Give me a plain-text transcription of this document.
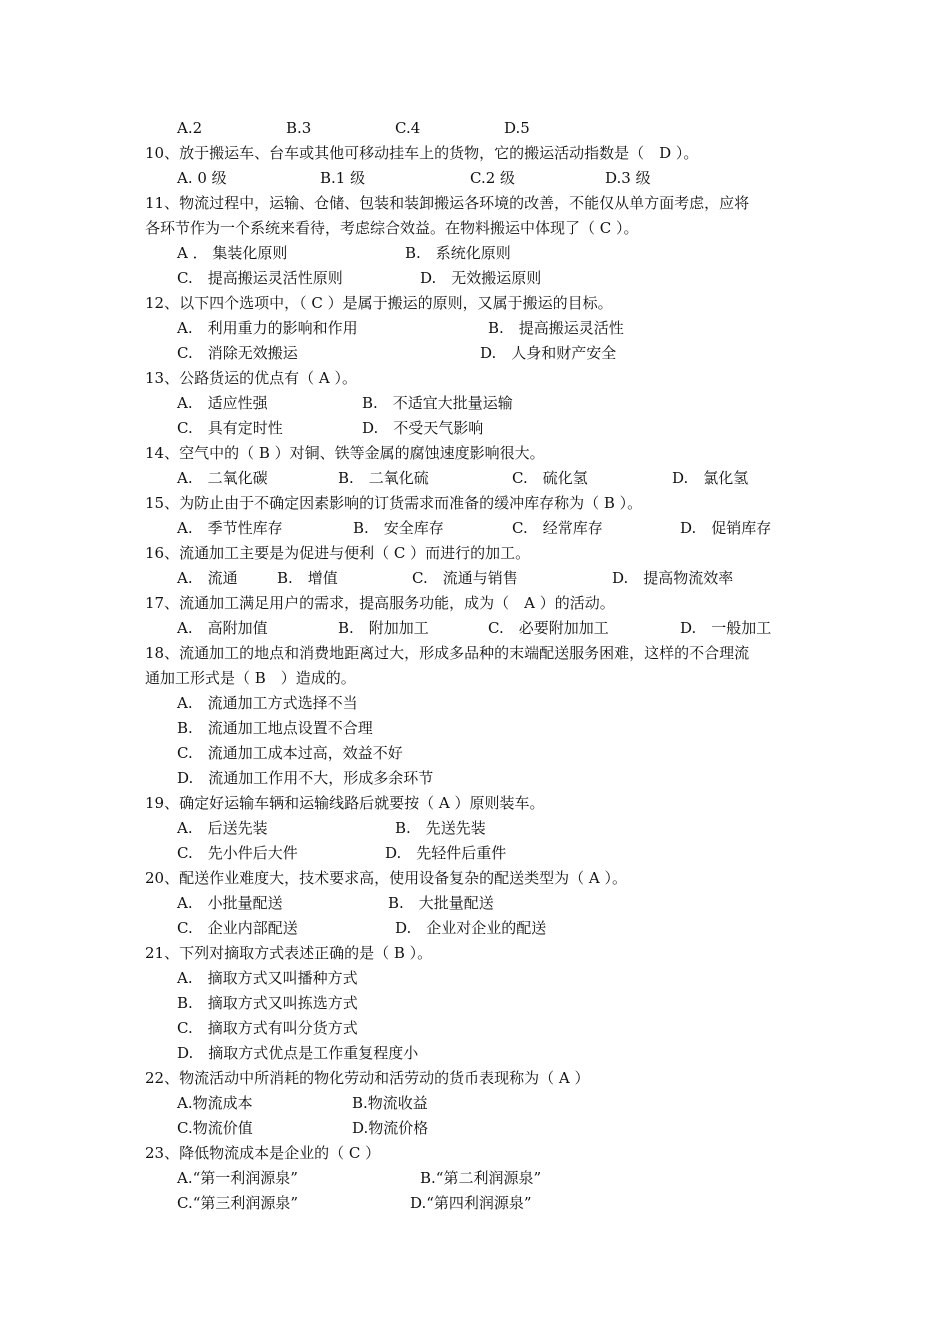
A.2	B.3	C.4	D.5
10、放于搬运车、台车或其他可移动挂车上的货物，它的搬运活动指数是（　D ）。
A. 0 级	B.1 级	C.2 级	D.3 级
11、物流过程中，运输、仓储、包装和装卸搬运各环境的改善，不能仅从单方面考虑，应将
各环节作为一个系统来看待，考虑综合效益。在物料搬运中体现了（ C ）。
A ． 集装化原则	B.　系统化原则
C.　提高搬运灵活性原则	D.　无效搬运原则
12、以下四个选项中，（ C ）是属于搬运的原则，又属于搬运的目标。
A.　利用重力的影响和作用	B.　提高搬运灵活性
C.　消除无效搬运	D.　人身和财产安全
13、公路货运的优点有（ A ）。
A.　适应性强	B.　不适宜大批量运输
C.　具有定时性	D.　不受天气影响
14、空气中的（ B ）对铜、铁等金属的腐蚀速度影响很大。
A.　二氧化碳	B.　二氧化硫	C.　硫化氢	D.　氯化氢
15、为防止由于不确定因素影响的订货需求而准备的缓冲库存称为（ B ）。
A.　季节性库存	B.　安全库存	C.　经常库存	D.　促销库存
16、流通加工主要是为促进与便利（ C ）而进行的加工。
A.　流通	B.　增值	C.　流通与销售	D.　提高物流效率
17、流通加工满足用户的需求，提高服务功能，成为（　A ）的活动。
A.　高附加值	B.　附加加工	C.　必要附加加工	D.　一般加工
18、流通加工的地点和消费地距离过大，形成多品种的末端配送服务困难，这样的不合理流
通加工形式是（ B　）造成的。
A.　流通加工方式选择不当
B.　流通加工地点设置不合理
C.　流通加工成本过高，效益不好
D.　流通加工作用不大，形成多余环节
19、确定好运输车辆和运输线路后就要按（ A ）原则装车。
A.　后送先装	B.　先送先装
C.　先小件后大件	D.　先轻件后重件
20、配送作业难度大，技术要求高，使用设备复杂的配送类型为（ A ）。
A.　小批量配送	B.　大批量配送
C.　企业内部配送	D.　企业对企业的配送
21、下列对摘取方式表述正确的是（ B ）。
A.　摘取方式又叫播种方式
B.　摘取方式又叫拣选方式
C.　摘取方式有叫分货方式
D.　摘取方式优点是工作重复程度小
22、物流活动中所消耗的物化劳动和活劳动的货币表现称为（ A ）
A.物流成本	B.物流收益
C.物流价值	D.物流价格
23、降低物流成本是企业的（ C ）
A.“第一利润源泉”	B.“第二利润源泉”
C.“第三利润源泉”	D.“第四利润源泉”
